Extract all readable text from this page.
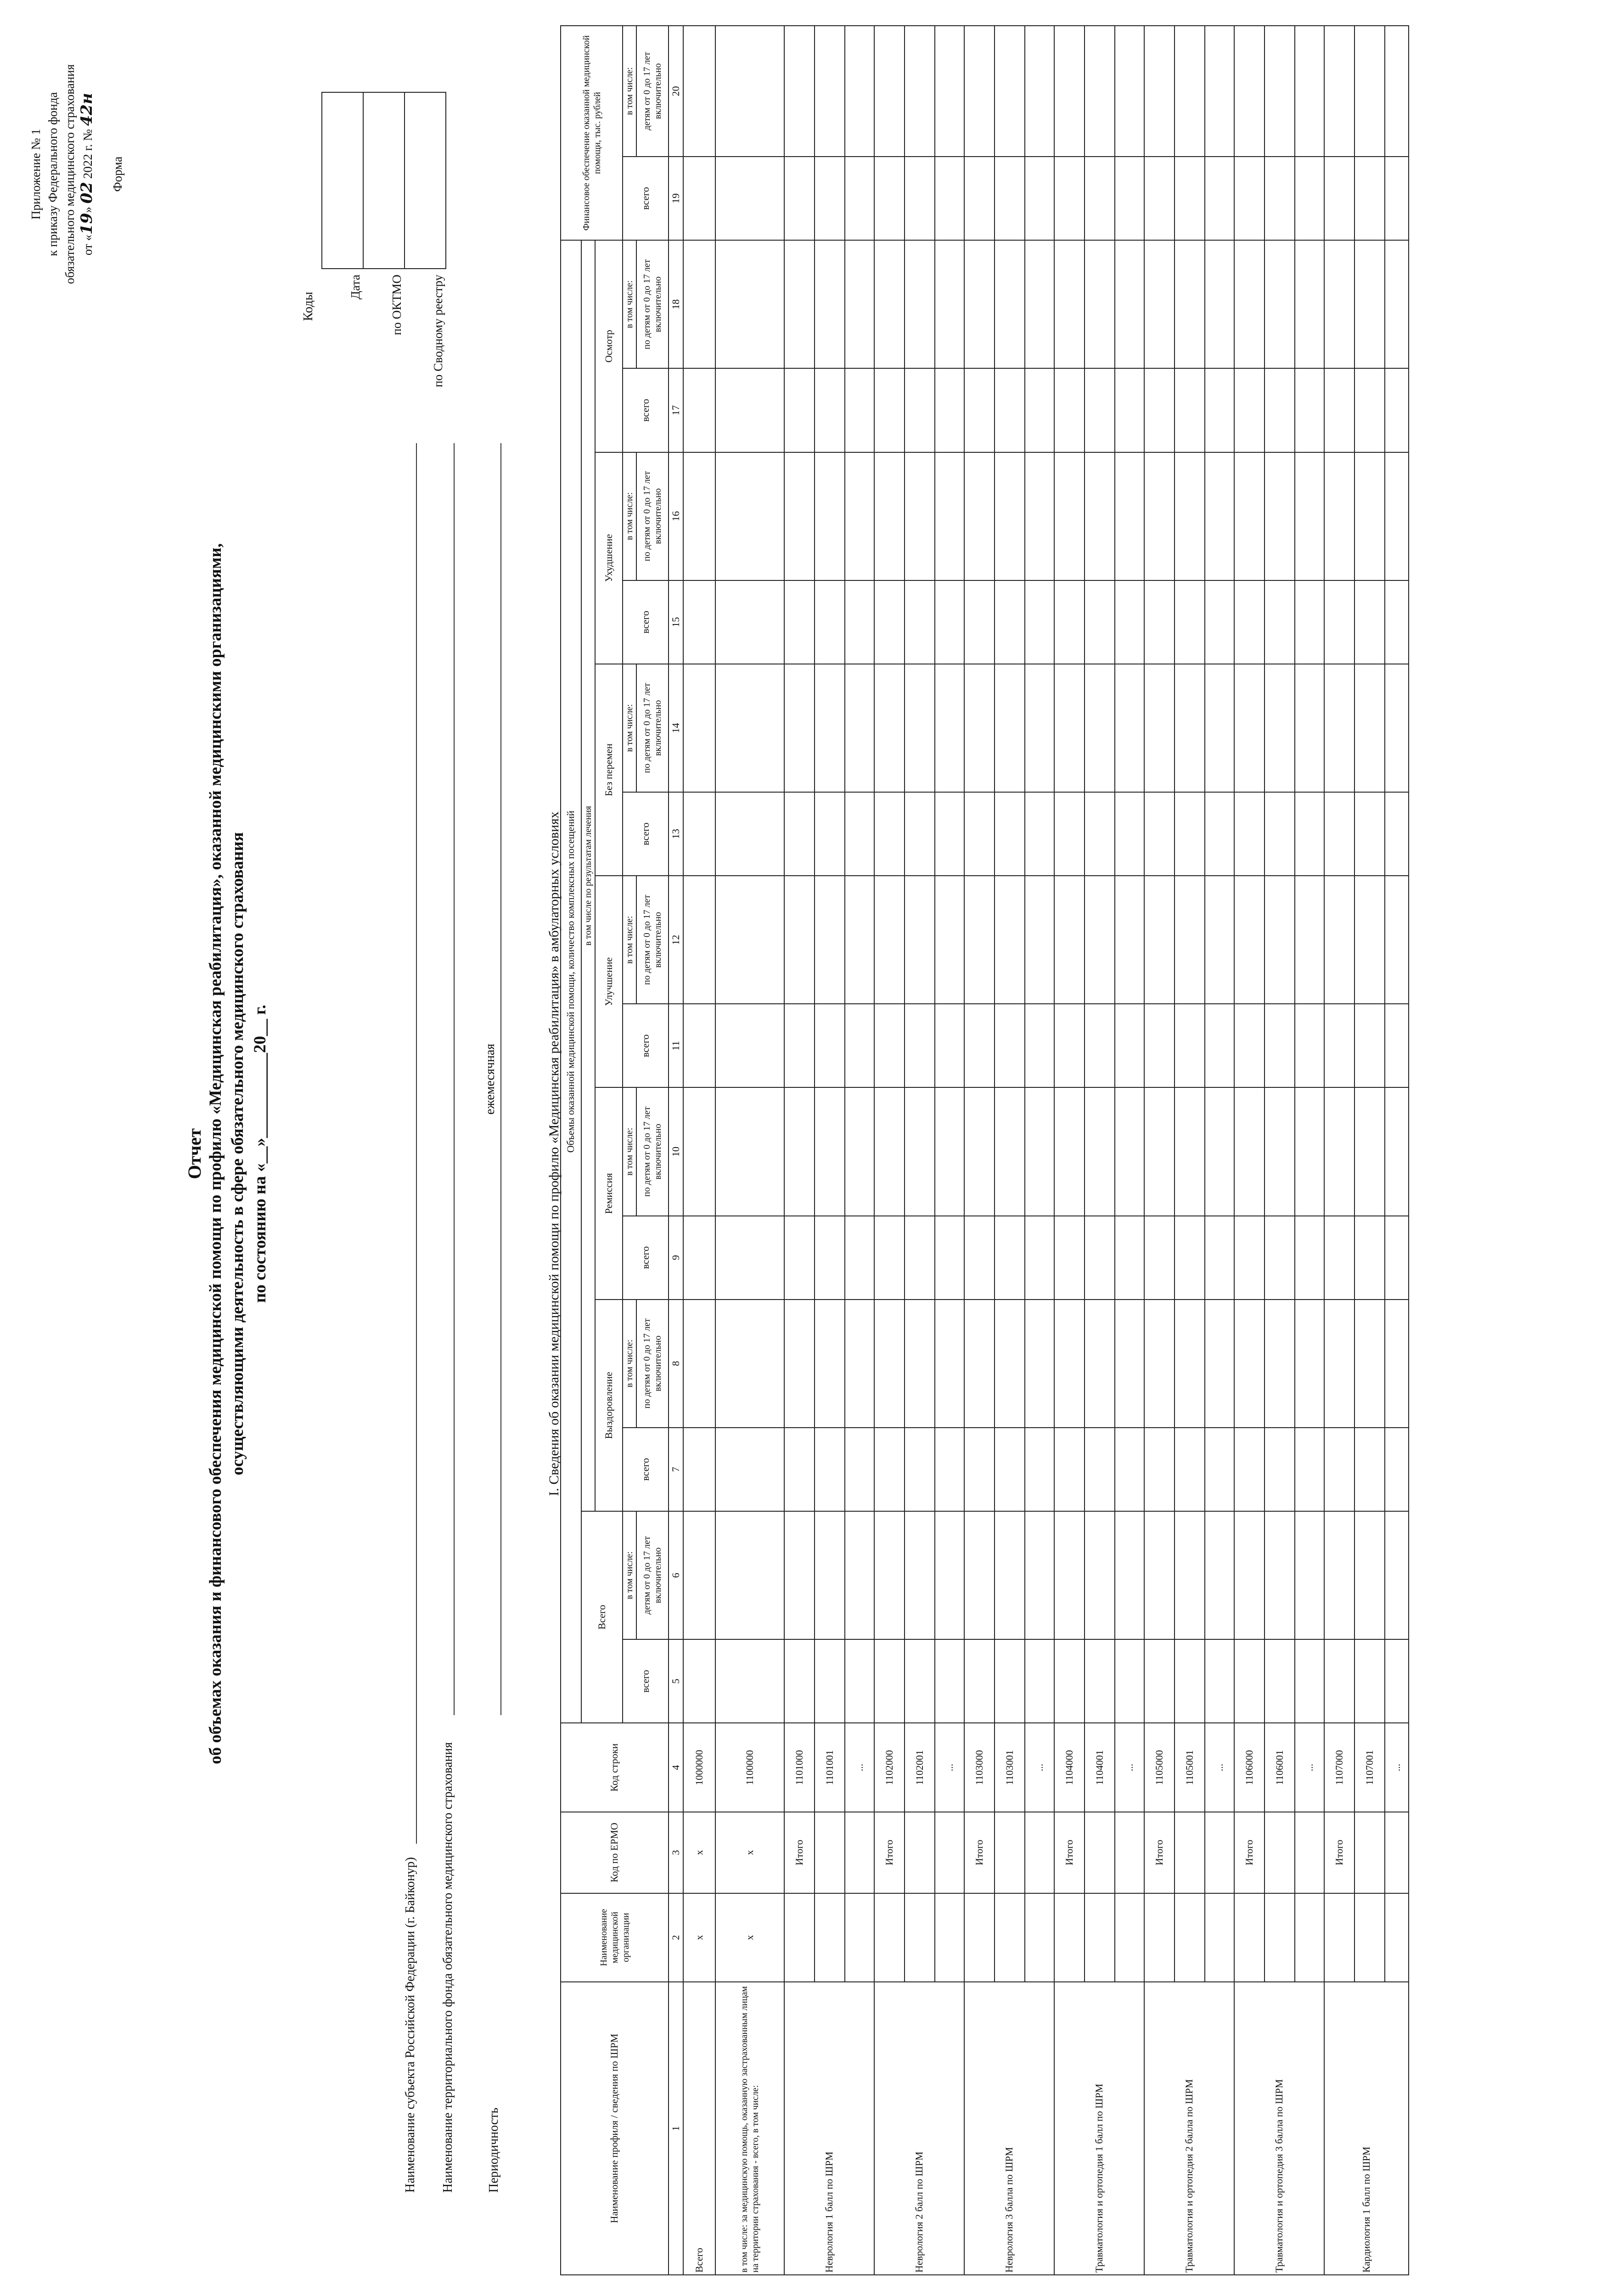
Приложение № 1 к приказу Федерального фонда обязательного медицинского страхования от «19» 02 2022 г. № 42н
Форма
Отчет об объемах оказания и финансового обеспечения медицинской помощи по профилю «Медицинская реабилитация», оказанной медицинскими организациями, осуществляющими деятельность в сфере обязательного медицинского страхования по состоянию на «__»__________20__ г.
Коды
Дата	
по ОКТМО	
по Сводному реестру	
Наименование субъекта Российской Федерации (г. Байконур) Наименование территориального фонда обязательного медицинского страхования Периодичность
ежемесячная	I. Сведения об оказании медицинской помощи по профилю «Медицинская реабилитация» в амбулаторных условиях
Наименование профиля / сведения по ШРМ	Наименование медицинской организации	Код по ЕРМО	Код строки	Объемы оказанной медицинской помощи, количество комплексных посещений														Финансовое обеспечение оказанной медицинской помощи, тыс. рублей	
				Всего		в том числе по результатам лечения													
						Выздоровление		Ремиссия		Улучшение		Без перемен		Ухудшение		Осмотр			
				всего	в том числе:	всего	в том числе:	всего	в том числе:	всего	в том числе:	всего	в том числе:	всего	в том числе:	всего	в том числе:	всего	в том числе:
					детям от 0 до 17 лет включительно		по детям от 0 до 17 лет включительно		по детям от 0 до 17 лет включительно		по детям от 0 до 17 лет включительно		по детям от 0 до 17 лет включительно		по детям от 0 до 17 лет включительно		по детям от 0 до 17 лет включительно		детям от 0 до 17 лет включительно
1	2	3	4	5	6	7	8	9	10	11	12	13	14	15	16	17	18	19	20
Всего	х	х	1000000																
в том числе: за медицинскую помощь, оказанную застрахованным лицам на территории страхования - всего, в том числе:	х	х	1100000																
Неврология 1 балл по ШРМ		Итого	1101000																
			1101001																
			...																
Неврология 2 балл по ШРМ		Итого	1102000																
			1102001																
			...																
Неврология 3 балла по ШРМ		Итого	1103000																
			1103001																
			...																
Травматология и ортопедия 1 балл по ШРМ		Итого	1104000																
			1104001																
			...																
Травматология и ортопедия 2 балла по ШРМ		Итого	1105000																
			1105001																
			...																
Травматология и ортопедия 3 балла по ШРМ		Итого	1106000																
			1106001																
			...																
Кардиология 1 балл по ШРМ		Итого	1107000																
			1107001																
			...																
